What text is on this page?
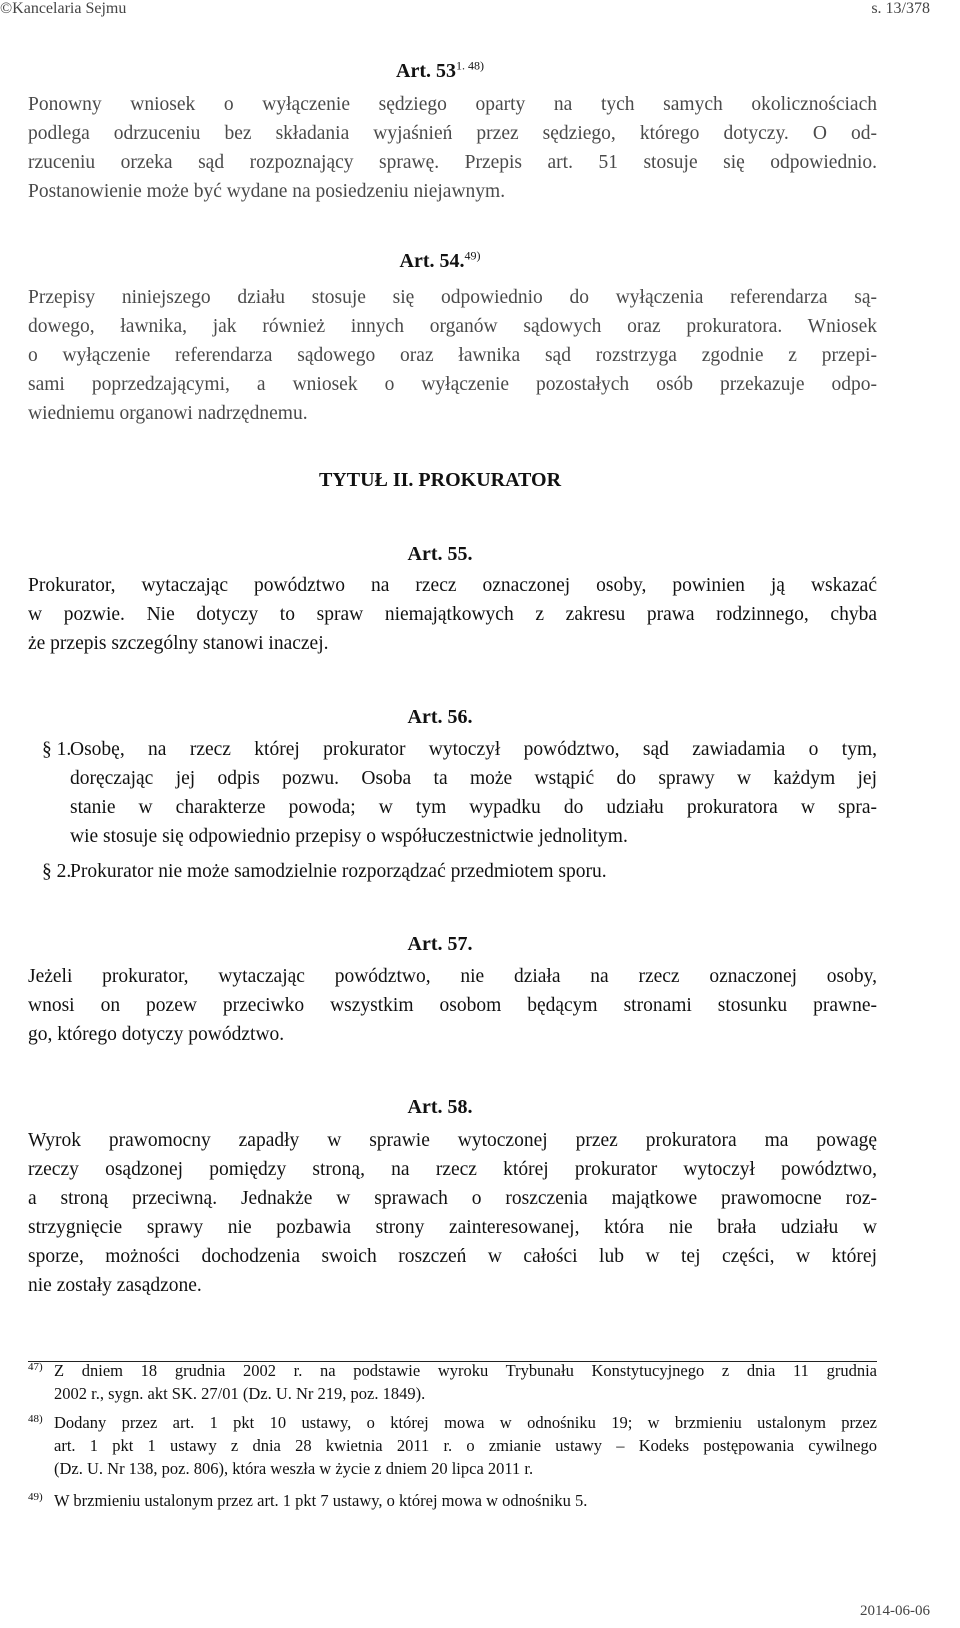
©Kancelaria Sejmu	s. 13/378
Art. $53^{1. 48)}$
Ponowny wniosek o wyłączenie sędziego oparty na tych samych okolicznościach
podlega odrzuceniu bez składania wyjaśnień przez sędziego, którego dotyczy. O od-
rzuceniu orzeka sąd rozpoznający sprawę. Przepis art. 51 stosuje się odpowiednio.
Postanowienie może być wydane na posiedzeniu niejawnym.
Art. 54.$^{49)}$
Przepisy niniejszego działu stosuje się odpowiednio do wyłączenia referendarza są-
dowego, ławnika, jak również innych organów sądowych oraz prokuratora. Wniosek
o wyłączenie referendarza sądowego oraz ławnika sąd rozstrzyga zgodnie z przepi-
sami poprzedzającymi, a wniosek o wyłączenie pozostałych osób przekazuje odpo-
wiedniemu organowi nadrzędnemu.
TYTUŁ II. PROKURATOR
Art. 55.
Prokurator, wytaczając powództwo na rzecz oznaczonej osoby, powinien ją wskazać
w pozwie. Nie dotyczy to spraw niemajątkowych z zakresu prawa rodzinnego, chyba
że przepis szczególny stanowi inaczej.
Art. 56.
§ 1.
Osobę, na rzecz której prokurator wytoczył powództwo, sąd zawiadamia o tym,
doręczając jej odpis pozwu. Osoba ta może wstąpić do sprawy w każdym jej
stanie w charakterze powoda; w tym wypadku do udziału prokuratora w spra-
wie stosuje się odpowiednio przepisy o współuczestnictwie jednolitym.
§ 2.
Prokurator nie może samodzielnie rozporządzać przedmiotem sporu.
Art. 57.
Jeżeli prokurator, wytaczając powództwo, nie działa na rzecz oznaczonej osoby,
wnosi on pozew przeciwko wszystkim osobom będącym stronami stosunku prawne-
go, którego dotyczy powództwo.
Art. 58.
Wyrok prawomocny zapadły w sprawie wytoczonej przez prokuratora ma powagę
rzeczy osądzonej pomiędzy stroną, na rzecz której prokurator wytoczył powództwo,
a stroną przeciwną. Jednakże w sprawach o roszczenia majątkowe prawomocne roz-
strzygnięcie sprawy nie pozbawia strony zainteresowanej, która nie brała udziału w
sporze, możności dochodzenia swoich roszczeń w całości lub w tej części, w której
nie zostały zasądzone.
47) Z dniem 18 grudnia 2002 r. na podstawie wyroku Trybunału Konstytucyjnego z dnia 11 grudnia
2002 r., sygn. akt SK. 27/01 (Dz. U. Nr 219, poz. 1849).
48) Dodany przez art. 1 pkt 10 ustawy, o której mowa w odnośniku 19; w brzmieniu ustalonym przez
art. 1 pkt 1 ustawy z dnia 28 kwietnia 2011 r. o zmianie ustawy – Kodeks postępowania cywilnego
(Dz. U. Nr 138, poz. 806), która weszła w życie z dniem 20 lipca 2011 r.
49) W brzmieniu ustalonym przez art. 1 pkt 7 ustawy, o której mowa w odnośniku 5.
2014-06-06
